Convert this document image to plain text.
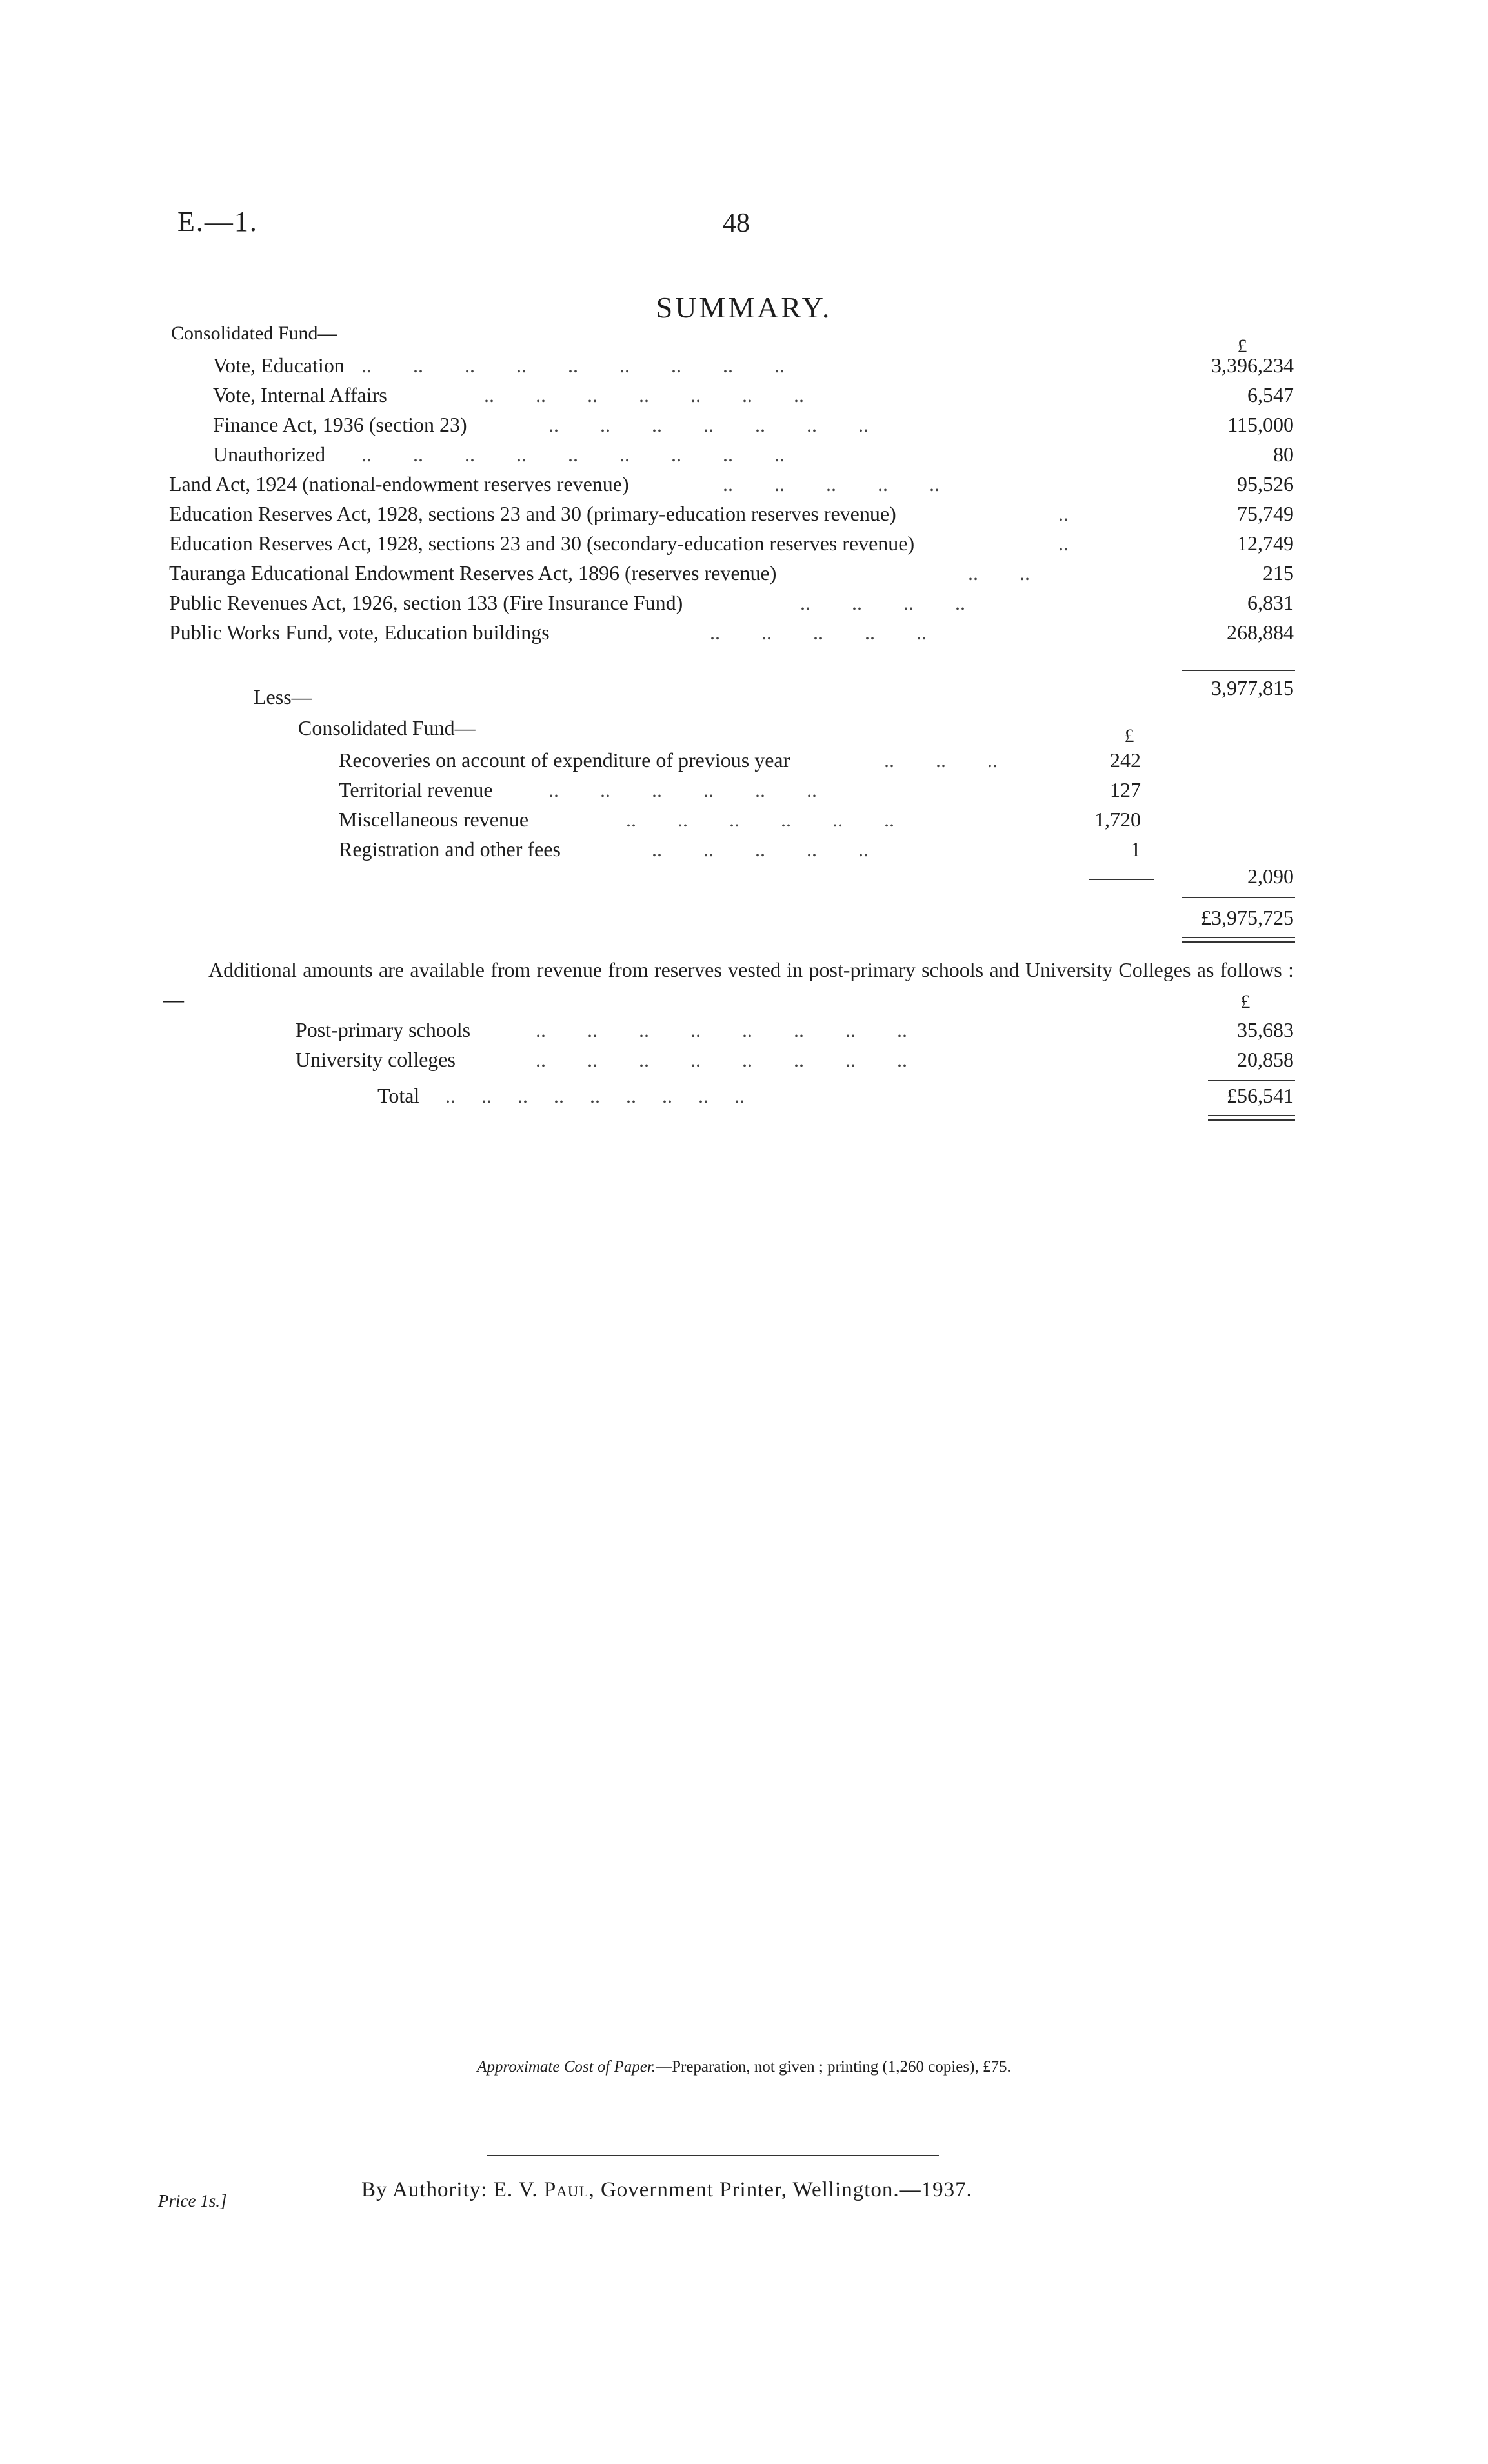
E.—1.	48
SUMMARY.
Consolidated Fund—
£
Vote, Education ..        ..        ..        ..        ..        ..        ..        ..        ..	3,396,234
Vote, Internal Affairs	..        ..        ..        ..        ..        ..        ..	6,547
Finance Act, 1936 (section 23)	..        ..        ..        ..        ..        ..        ..	115,000
Unauthorized ..        ..        ..        ..        ..        ..        ..        ..        ..	80
Land Act, 1924 (national-endowment reserves revenue)	..        ..        ..        ..        ..	95,526
Education Reserves Act, 1928, sections 23 and 30 (primary-education reserves revenue)	..	75,749
Education Reserves Act, 1928, sections 23 and 30 (secondary-education reserves revenue)	..	12,749
Tauranga Educational Endowment Reserves Act, 1896 (reserves revenue)	..        ..	215
Public Revenues Act, 1926, section 133 (Fire Insurance Fund)	..        ..        ..        ..	6,831
Public Works Fund, vote, Education buildings	..        ..        ..        ..        ..	268,884
3,977,815
Less—
Consolidated Fund—	£
Recoveries on account of expenditure of previous year	..        ..        ..	242
Territorial revenue	..        ..        ..        ..        ..        ..	127
Miscellaneous revenue	..        ..        ..        ..        ..        ..	1,720
Registration and other fees	..        ..        ..        ..        ..	1
2,090
£3,975,725
Additional amounts are available from revenue from reserves vested in post-primary schools and University Colleges as follows :—	£
Post-primary schools	..        ..        ..        ..        ..        ..        ..        ..	35,683
University colleges	..        ..        ..        ..        ..        ..        ..        ..	20,858
Total ..     ..     ..     ..     ..     ..     ..     ..     ..	£56,541
Approximate Cost of Paper.—Preparation, not given ; printing (1,260 copies), £75.
Price 1s.]	By Authority: E. V. Paul, Government Printer, Wellington.—1937.
